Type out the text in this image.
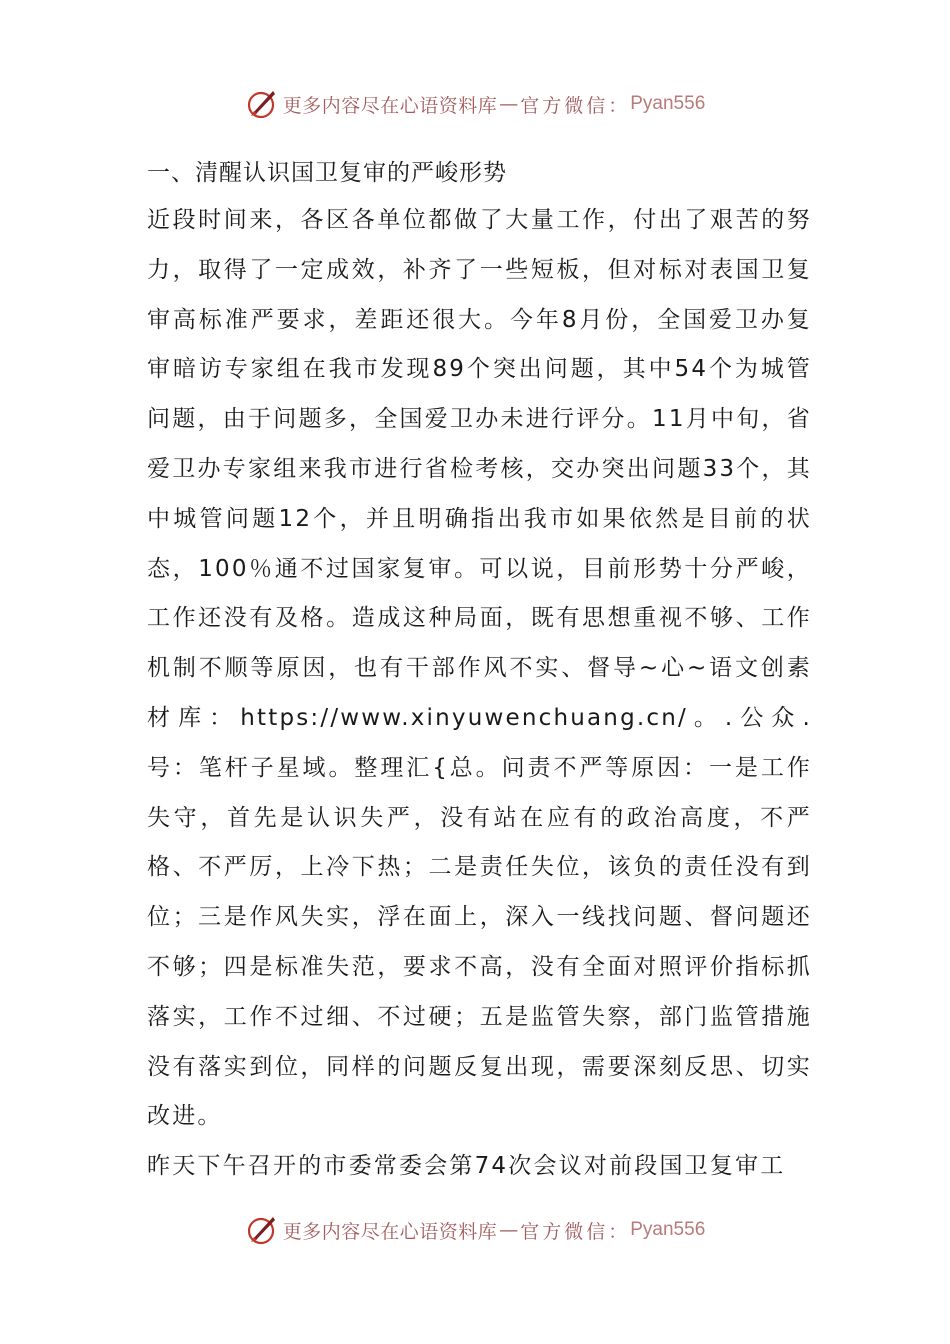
更多内容尽在心语资料库 — 官方微信： Pyan556

一、清醒认识国卫复审的严峻形势

近段时间来，各区各单位都做了大量工作，付出了艰苦的努力，取得了一定成效，补齐了一些短板，但对标对表国卫复审高标准严要求，差距还很大。今年8月份，全国爱卫办复审暗访专家组在我市发现89个突出问题，其中54个为城管问题，由于问题多，全国爱卫办未进行评分。11月中旬，省爱卫办专家组来我市进行省检考核，交办突出问题33个，其中城管问题12个，并且明确指出我市如果依然是目前的状态，100％通不过国家复审。可以说，目前形势十分严峻，工作还没有及格。造成这种局面，既有思想重视不够、工作机制不顺等原因，也有干部作风不实、督导~心~语文创素材库：https://www.xinyuwenchuang.cn/。.公众.号：笔杆子星域。整理汇{总。问责不严等原因：一是工作失守，首先是认识失严，没有站在应有的政治高度，不严格、不严厉，上冷下热；二是责任失位，该负的责任没有到位；三是作风失实，浮在面上，深入一线找问题、督问题还不够；四是标准失范，要求不高，没有全面对照评价指标抓落实，工作不过细、不过硬；五是监管失察，部门监管措施没有落实到位，同样的问题反复出现，需要深刻反思、切实改进。

昨天下午召开的市委常委会第74次会议对前段国卫复审工

更多内容尽在心语资料库 — 官方微信： Pyan556
